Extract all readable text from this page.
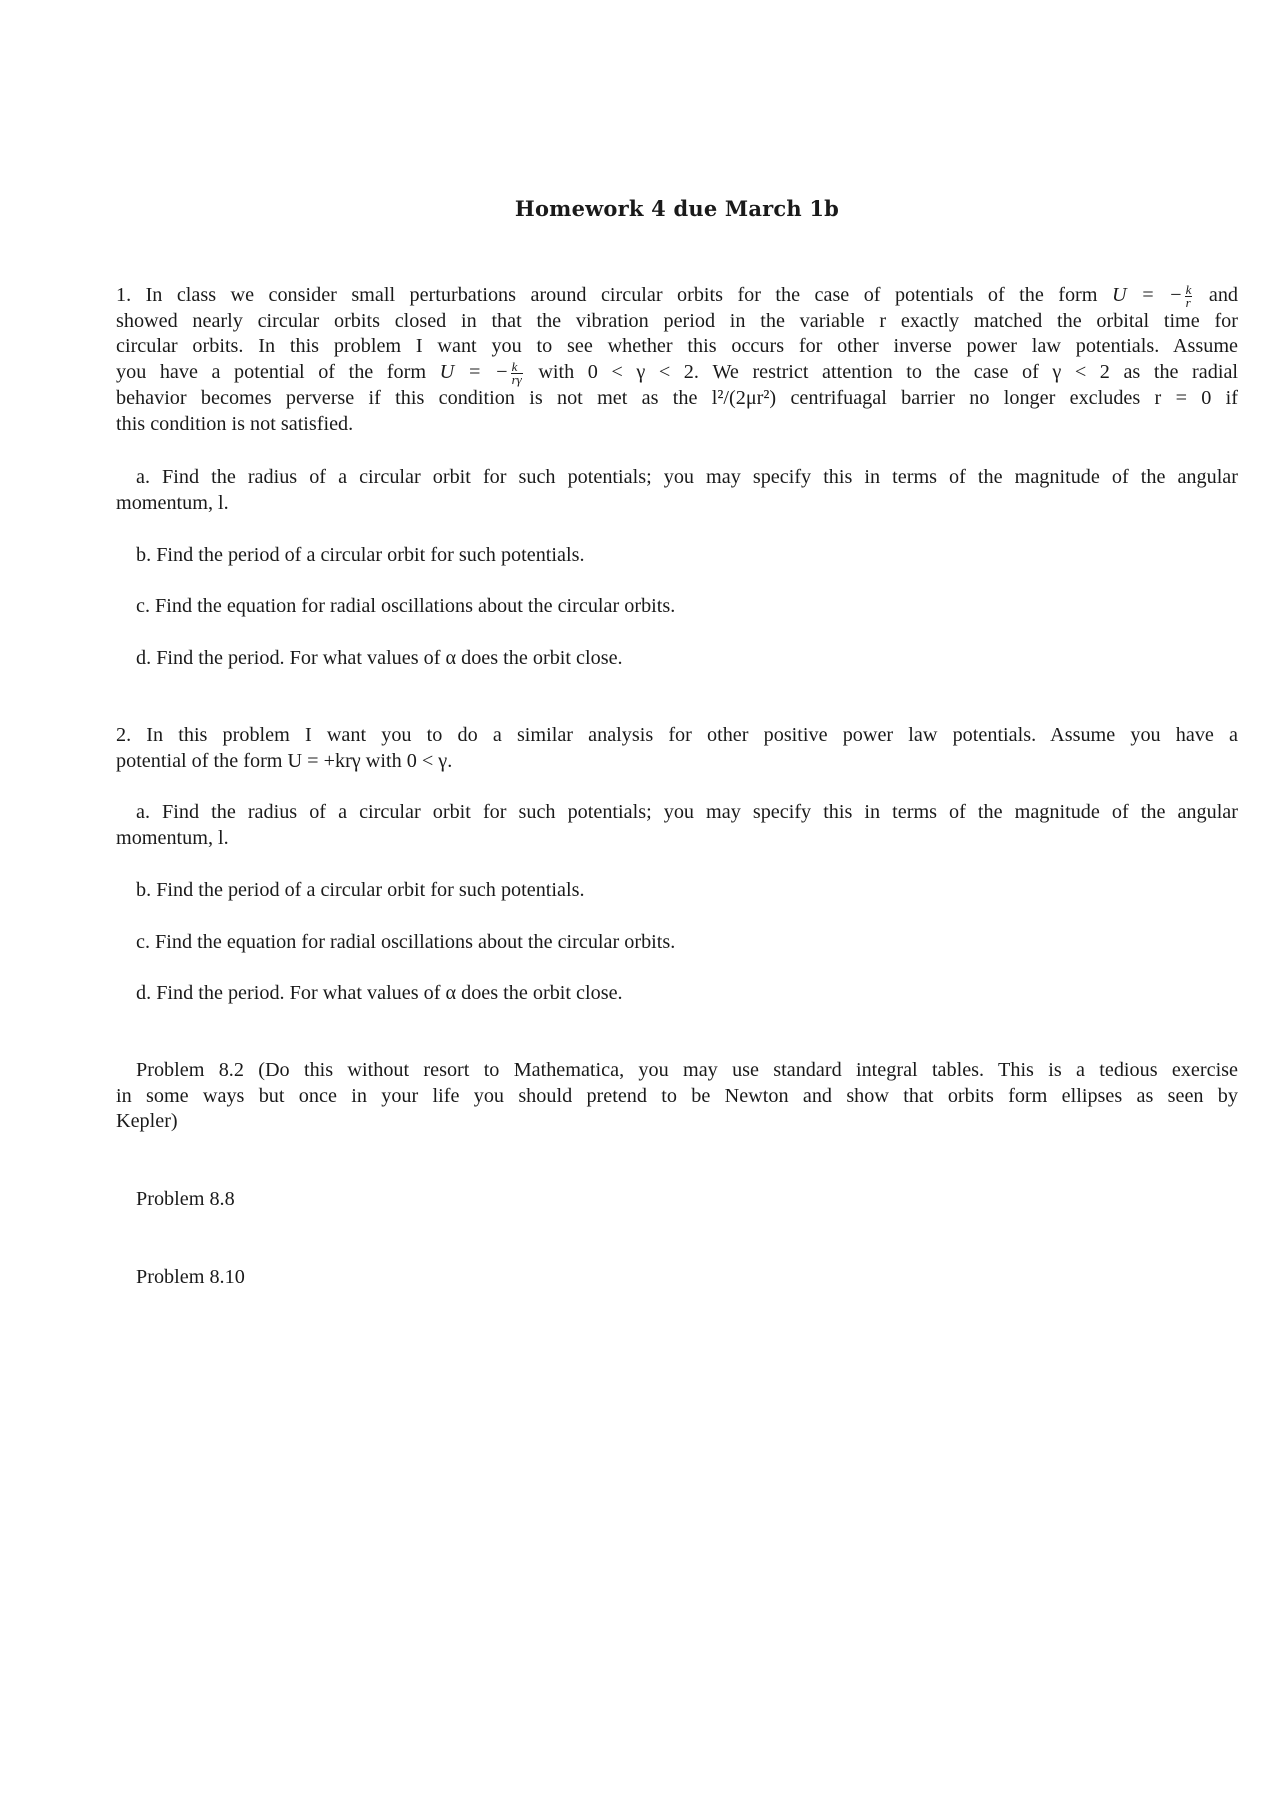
Homework 4 due March 1b
1. In class we consider small perturbations around circular orbits for the case of potentials of the form U = − $\frac{k}{r}$ and
showed nearly circular orbits closed in that the vibration period in the variable r exactly matched the orbital time for
circular orbits. In this problem I want you to see whether this occurs for other inverse power law potentials. Assume
you have a potential of the form U = − $\frac{k}{r\gamma}$ with 0 < γ < 2. We restrict attention to the case of γ < 2 as the radial
behavior becomes perverse if this condition is not met as the l²/(2μr²) centrifuagal barrier no longer excludes r = 0 if
this condition is not satisfied.
a. Find the radius of a circular orbit for such potentials; you may specify this in terms of the magnitude of the angular
momentum, l.
b. Find the period of a circular orbit for such potentials.
c. Find the equation for radial oscillations about the circular orbits.
d. Find the period. For what values of α does the orbit close.
2. In this problem I want you to do a similar analysis for other positive power law potentials. Assume you have a
potential of the form U = +krγ with 0 < γ.
a. Find the radius of a circular orbit for such potentials; you may specify this in terms of the magnitude of the angular
momentum, l.
b. Find the period of a circular orbit for such potentials.
c. Find the equation for radial oscillations about the circular orbits.
d. Find the period. For what values of α does the orbit close.
Problem 8.2 (Do this without resort to Mathematica, you may use standard integral tables. This is a tedious exercise
in some ways but once in your life you should pretend to be Newton and show that orbits form ellipses as seen by
Kepler)
Problem 8.8
Problem 8.10
